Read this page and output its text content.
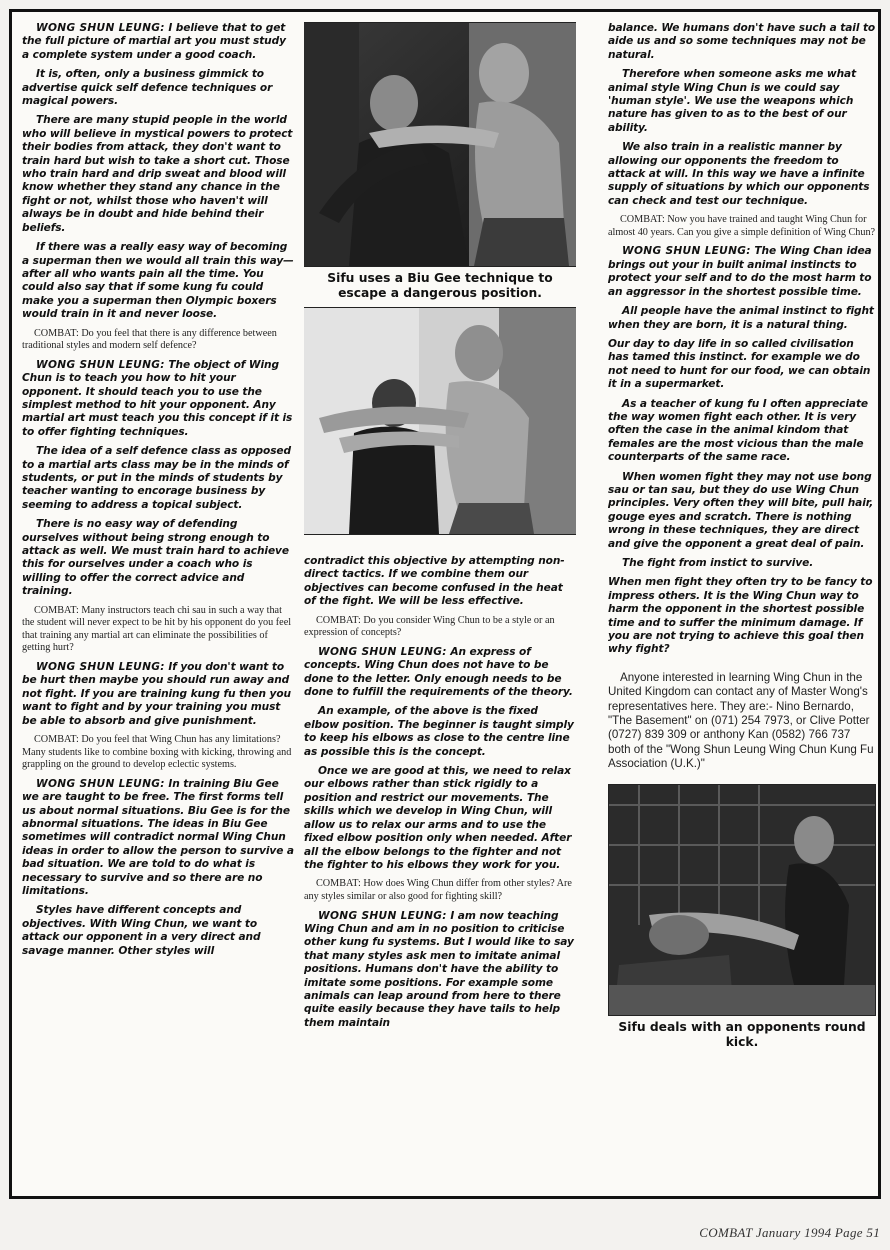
WONG SHUN LEUNG: I believe that to get the full picture of martial art you must study a complete system under a good coach.

It is, often, only a business gimmick to advertise quick self defence techniques or magical powers.

There are many stupid people in the world who will believe in mystical powers to protect their bodies from attack, they don't want to train hard but wish to take a short cut. Those who train hard and drip sweat and blood will know whether they stand any chance in the fight or not, whilst those who haven't will always be in doubt and hide behind their beliefs.

If there was a really easy way of becoming a superman then we would all train this way—after all who wants pain all the time. You could also say that if some kung fu could make you a superman then Olympic boxers would train in it and never loose.

COMBAT: Do you feel that there is any difference between traditional styles and modern self defence?

WONG SHUN LEUNG: The object of Wing Chun is to teach you how to hit your opponent. It should teach you to use the simplest method to hit your opponent. Any martial art must teach you this concept if it is to offer fighting techniques.

The idea of a self defence class as opposed to a martial arts class may be in the minds of students, or put in the minds of students by teacher wanting to encorage business by seeming to address a topical subject.

There is no easy way of defending ourselves without being strong enough to attack as well. We must train hard to achieve this for ourselves under a coach who is willing to offer the correct advice and training.

COMBAT: Many instructors teach chi sau in such a way that the student will never expect to be hit by his opponent do you feel that training any martial art can eliminate the possibilities of getting hurt?

WONG SHUN LEUNG: If you don't want to be hurt then maybe you should run away and not fight. If you are training kung fu then you want to fight and by your training you must be able to absorb and give punishment.

COMBAT: Do you feel that Wing Chun has any limitations? Many students like to combine boxing with kicking, throwing and grappling on the ground to develop eclectic systems.

WONG SHUN LEUNG: In training Biu Gee we are taught to be free. The first forms tell us about normal situations. Biu Gee is for the abnormal situations. The ideas in Biu Gee sometimes will contradict normal Wing Chun ideas in order to allow the person to survive a bad situation. We are told to do what is necessary to survive and so there are no limitations.

Styles have different concepts and objectives. With Wing Chun, we want to attack our opponent in a very direct and savage manner. Other styles will

Sifu uses a Biu Gee technique to escape a dangerous position.

contradict this objective by attempting non-direct tactics. If we combine them our objectives can become confused in the heat of the fight. We will be less effective.

COMBAT: Do you consider Wing Chun to be a style or an expression of concepts?

WONG SHUN LEUNG: An express of concepts. Wing Chun does not have to be done to the letter. Only enough needs to be done to fulfill the requirements of the theory.

An example, of the above is the fixed elbow position. The beginner is taught simply to keep his elbows as close to the centre line as possible this is the concept.

Once we are good at this, we need to relax our elbows rather than stick rigidly to a position and restrict our movements. The skills which we develop in Wing Chun, will allow us to relax our arms and to use the fixed elbow position only when needed. After all the elbow belongs to the fighter and not the fighter to his elbows they work for you.

COMBAT: How does Wing Chun differ from other styles? Are any styles similar or also good for fighting skill?

WONG SHUN LEUNG: I am now teaching Wing Chun and am in no position to criticise other kung fu systems. But I would like to say that many styles ask men to imitate animal positions. Humans don't have the ability to imitate some positions. For example some animals can leap around from here to there quite easily because they have tails to help them maintain

balance. We humans don't have such a tail to aide us and so some techniques may not be natural.

Therefore when someone asks me what animal style Wing Chun is we could say 'human style'. We use the weapons which nature has given to as to the best of our ability.

We also train in a realistic manner by allowing our opponents the freedom to attack at will. In this way we have a infinite supply of situations by which our opponents can check and test our technique.

COMBAT: Now you have trained and taught Wing Chun for almost 40 years. Can you give a simple definition of Wing Chun?

WONG SHUN LEUNG: The Wing Chan idea brings out your in built animal instincts to protect your self and to do the most harm to an aggressor in the shortest possible time.

All people have the animal instinct to fight when they are born, it is a natural thing.

Our day to day life in so called civilisation has tamed this instinct. for example we do not need to hunt for our food, we can obtain it in a supermarket.

As a teacher of kung fu I often appreciate the way women fight each other. It is very often the case in the animal kindom that females are the most vicious than the male counterparts of the same race.

When women fight they may not use bong sau or tan sau, but they do use Wing Chun principles. Very often they will bite, pull hair, gouge eyes and scratch. There is nothing wrong in these techniques, they are direct and give the opponent a great deal of pain.

The fight from instict to survive.

When men fight they often try to be fancy to impress others. It is the Wing Chun way to harm the opponent in the shortest possible time and to suffer the minimum damage. If you are not trying to achieve this goal then why fight?

Anyone interested in learning Wing Chun in the United Kingdom can contact any of Master Wong's representatives here. They are:- Nino Bernardo, "The Basement" on (071) 254 7973, or Clive Potter (0727) 839 309 or anthony Kan (0582) 766 737 both of the "Wong Shun Leung Wing Chun Kung Fu Association (U.K.)"
Sifu deals with an opponents round kick.
COMBAT January 1994 Page 51
